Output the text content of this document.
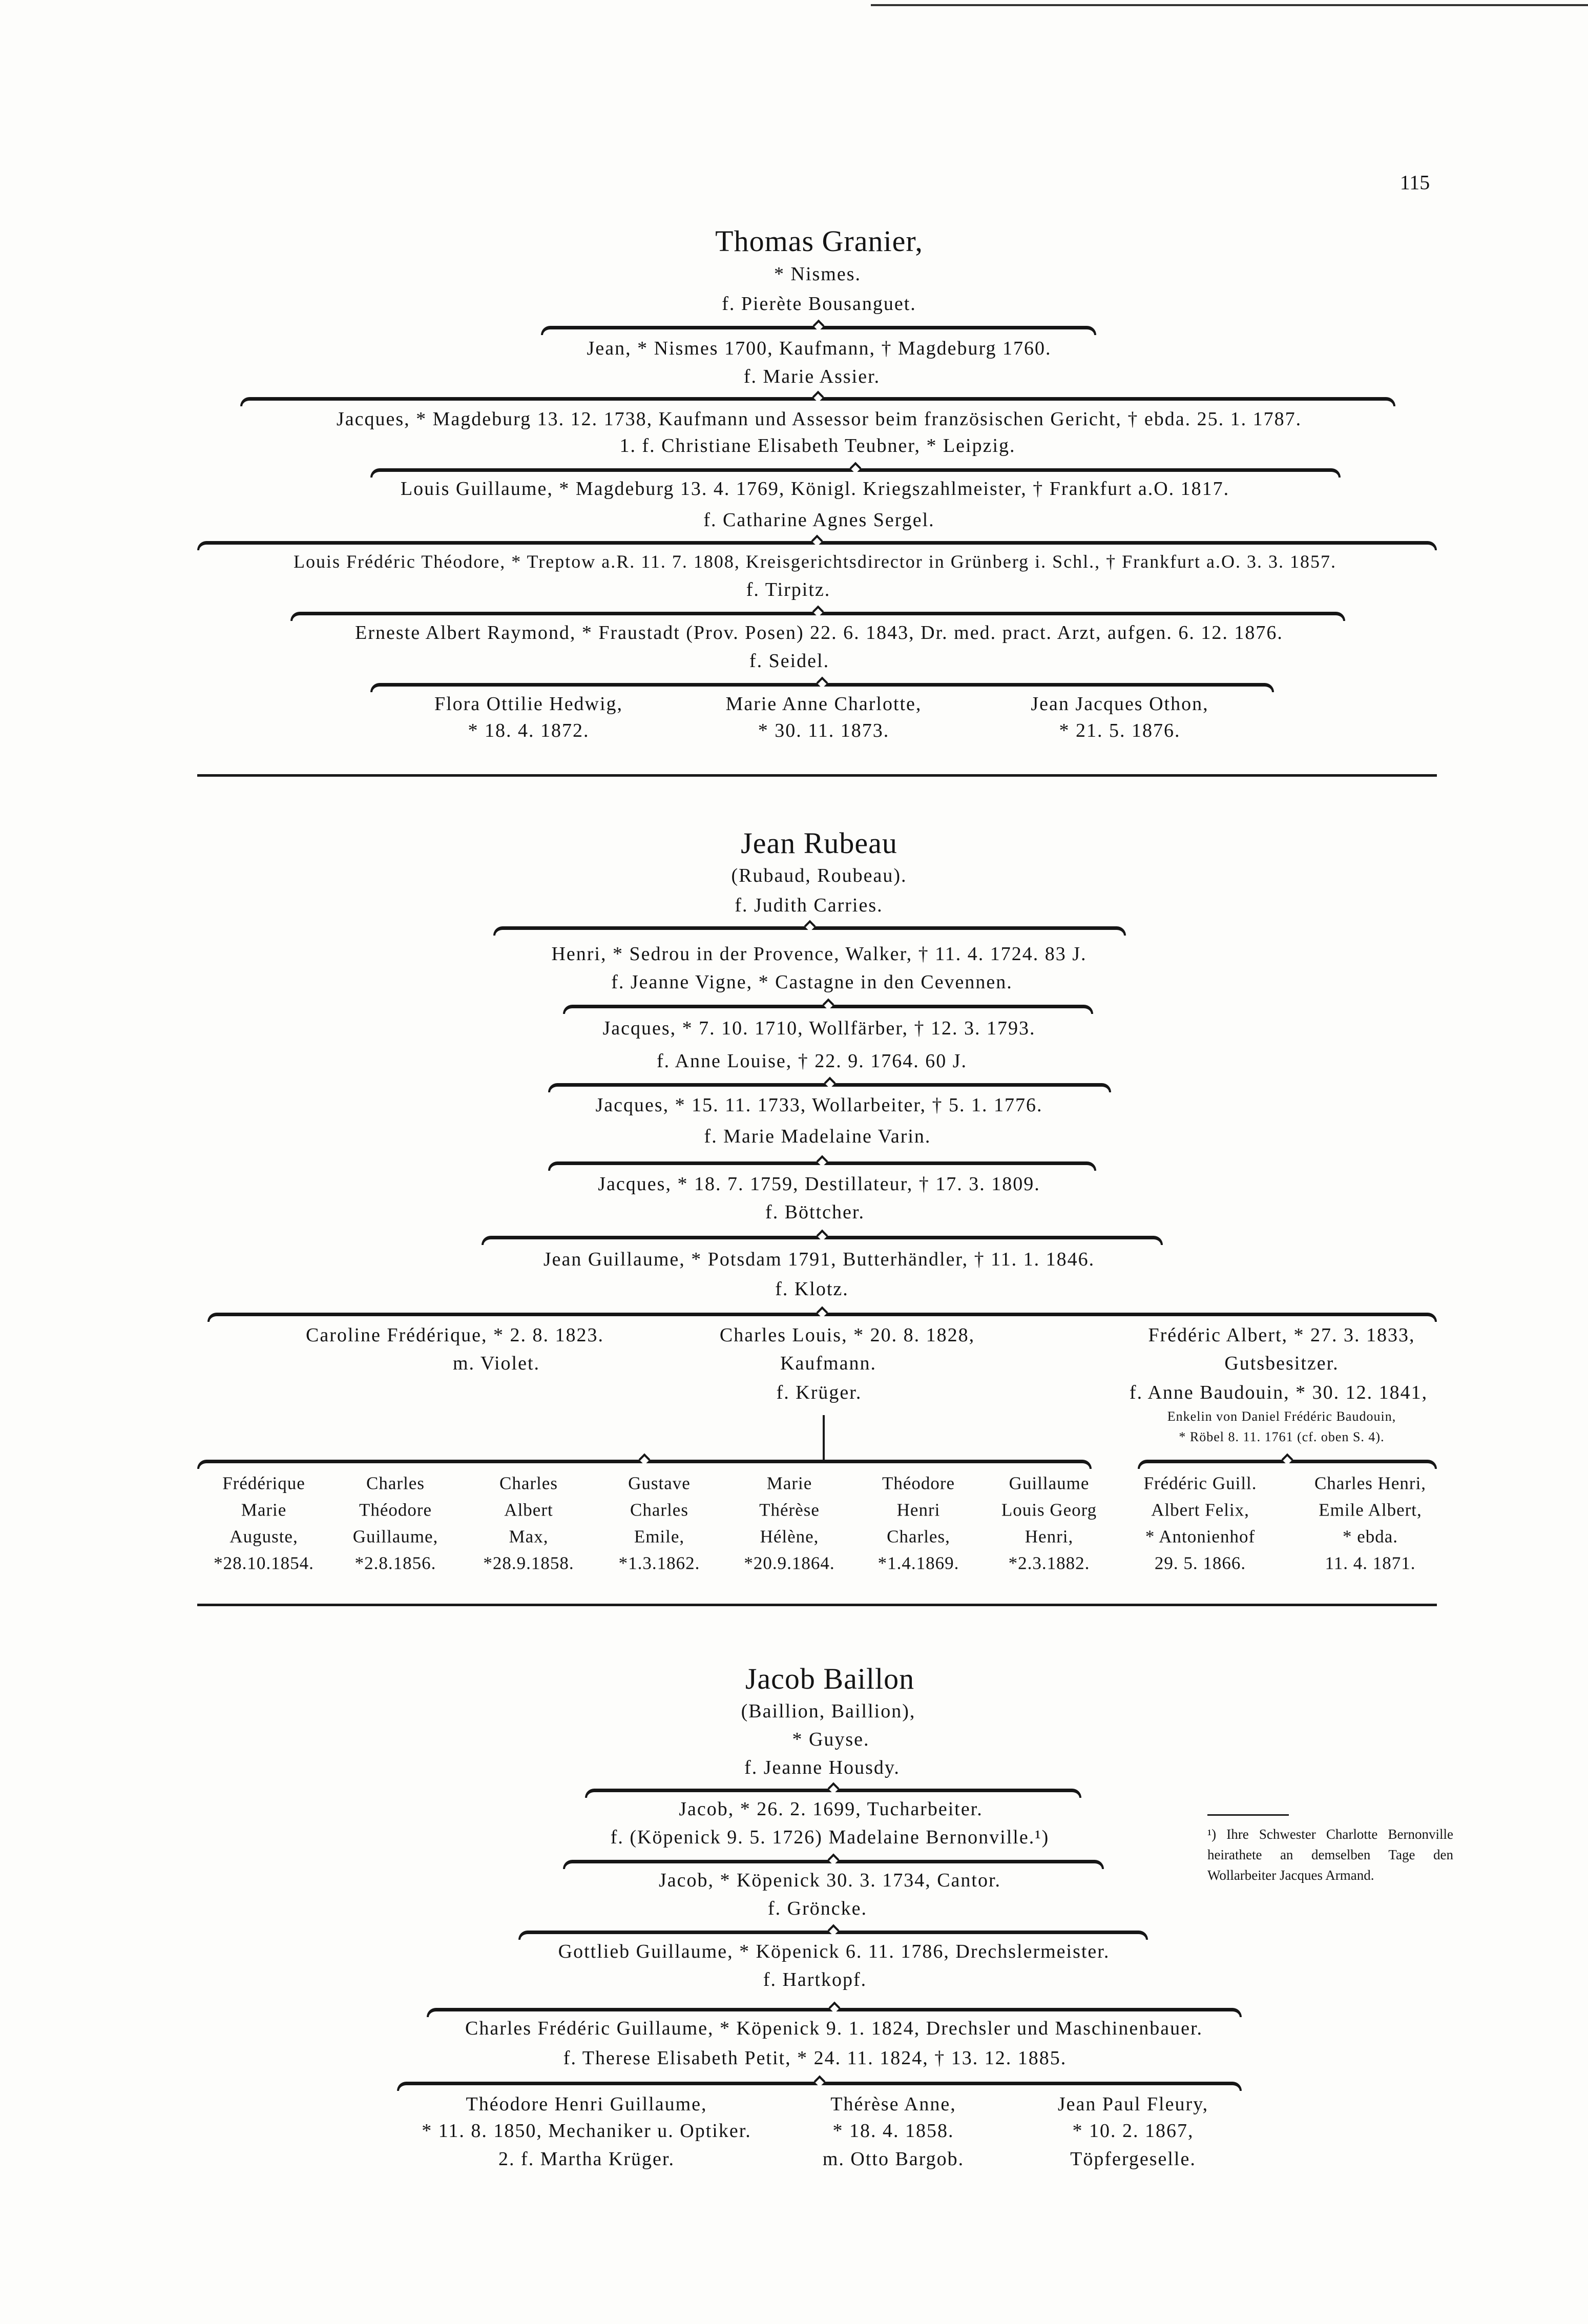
115
Thomas Granier,
* Nismes.
f. Pierète Bousanguet.
Jean, * Nismes 1700, Kaufmann, † Magdeburg 1760.
f. Marie Assier.
Jacques, * Magdeburg 13. 12. 1738, Kaufmann und Assessor beim französischen Gericht, † ebda. 25. 1. 1787.
1. f. Christiane Elisabeth Teubner, * Leipzig.
Louis Guillaume, * Magdeburg 13. 4. 1769, Königl. Kriegszahlmeister, † Frankfurt a.O. 1817.
f. Catharine Agnes Sergel.
Louis Frédéric Théodore, * Treptow a.R. 11. 7. 1808, Kreisgerichtsdirector in Grünberg i. Schl., † Frankfurt a.O. 3. 3. 1857.
f. Tirpitz.
Erneste Albert Raymond, * Fraustadt (Prov. Posen) 22. 6. 1843, Dr. med. pract. Arzt, aufgen. 6. 12. 1876.
f. Seidel.
Flora Ottilie Hedwig,
* 18. 4. 1872.
Marie Anne Charlotte,
* 30. 11. 1873.
Jean Jacques Othon,
* 21. 5. 1876.
Jean Rubeau
(Rubaud, Roubeau).
f. Judith Carries.
Henri, * Sedrou in der Provence, Walker, † 11. 4. 1724. 83 J.
f. Jeanne Vigne, * Castagne in den Cevennen.
Jacques, * 7. 10. 1710, Wollfärber, † 12. 3. 1793.
f. Anne Louise, † 22. 9. 1764. 60 J.
Jacques, * 15. 11. 1733, Wollarbeiter, † 5. 1. 1776.
f. Marie Madelaine Varin.
Jacques, * 18. 7. 1759, Destillateur, † 17. 3. 1809.
f. Böttcher.
Jean Guillaume, * Potsdam 1791, Butterhändler, † 11. 1. 1846.
f. Klotz.
Caroline Frédérique, * 2. 8. 1823.
m. Violet.
Charles Louis, * 20. 8. 1828,
Kaufmann.
f. Krüger.
Frédéric Albert, * 27. 3. 1833,
Gutsbesitzer.
f. Anne Baudouin, * 30. 12. 1841,
Enkelin von Daniel Frédéric Baudouin,
* Röbel 8. 11. 1761 (cf. oben S. 4).
Frédérique
Marie
Auguste,
*28.10.1854.
Charles
Théodore
Guillaume,
*2.8.1856.
Charles
Albert
Max,
*28.9.1858.
Gustave
Charles
Emile,
*1.3.1862.
Marie
Thérèse
Hélène,
*20.9.1864.
Théodore
Henri
Charles,
*1.4.1869.
Guillaume
Louis Georg
Henri,
*2.3.1882.
Frédéric Guill.
Albert Felix,
* Antonienhof
29. 5. 1866.
Charles Henri,
Emile Albert,
* ebda.
11. 4. 1871.
Jacob Baillon
(Baillion, Baillion),
* Guyse.
f. Jeanne Housdy.
Jacob, * 26. 2. 1699, Tucharbeiter.
f. (Köpenick 9. 5. 1726) Madelaine Bernonville.¹)
Jacob, * Köpenick 30. 3. 1734, Cantor.
f. Gröncke.
Gottlieb Guillaume, * Köpenick 6. 11. 1786, Drechslermeister.
f. Hartkopf.
Charles Frédéric Guillaume, * Köpenick 9. 1. 1824, Drechsler und Maschinenbauer.
f. Therese Elisabeth Petit, * 24. 11. 1824, † 13. 12. 1885.
Théodore Henri Guillaume,
* 11. 8. 1850, Mechaniker u. Optiker.
2. f. Martha Krüger.
Thérèse Anne,
* 18. 4. 1858.
m. Otto Bargob.
Jean Paul Fleury,
* 10. 2. 1867,
Töpfergeselle.
¹) Ihre Schwester Charlotte Bernonville heirathete an demselben Tage den Wollarbeiter Jacques Armand.
